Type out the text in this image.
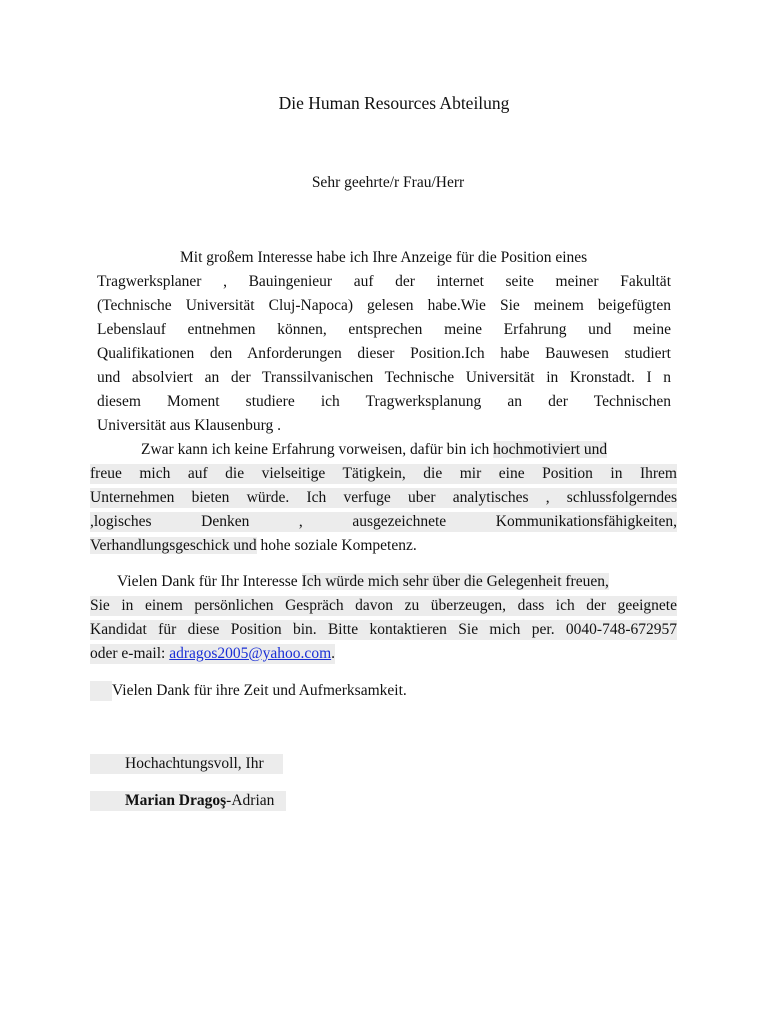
Die Human Resources Abteilung
Sehr geehrte/r Frau/Herr
Mit großem Interesse habe ich Ihre Anzeige für die Position eines
Tragwerksplaner , Bauingenieur auf der internet seite meiner Fakultät
(Technische Universität Cluj-Napoca) gelesen habe.Wie Sie meinem beigefügten
Lebenslauf entnehmen können, entsprechen meine Erfahrung und meine
Qualifikationen den Anforderungen dieser Position.Ich habe Bauwesen studiert
und absolviert an der Transsilvanischen Technische Universität in Kronstadt. I n
diesem Moment studiere ich Tragwerksplanung an der Technischen
Universität aus Klausenburg .
Zwar kann ich keine Erfahrung vorweisen, dafür bin ich hochmotiviert und
freue mich auf die vielseitige Tätigkein, die mir eine Position in Ihrem
Unternehmen bieten würde. Ich verfuge uber analytisches , schlussfolgerndes
,logisches Denken , ausgezeichnete Kommunikationsfähigkeiten,
Verhandlungsgeschick und hohe soziale Kompetenz.
Vielen Dank für Ihr Interesse Ich würde mich sehr über die Gelegenheit freuen,
Sie in einem persönlichen Gespräch davon zu überzeugen, dass ich der geeignete
Kandidat für diese Position bin. Bitte kontaktieren Sie mich per. 0040-748-672957
oder e-mail: adragos2005@yahoo.com.
Vielen Dank für ihre Zeit und Aufmerksamkeit.
Hochachtungsvoll, Ihr
Marian Dragoş-Adrian
